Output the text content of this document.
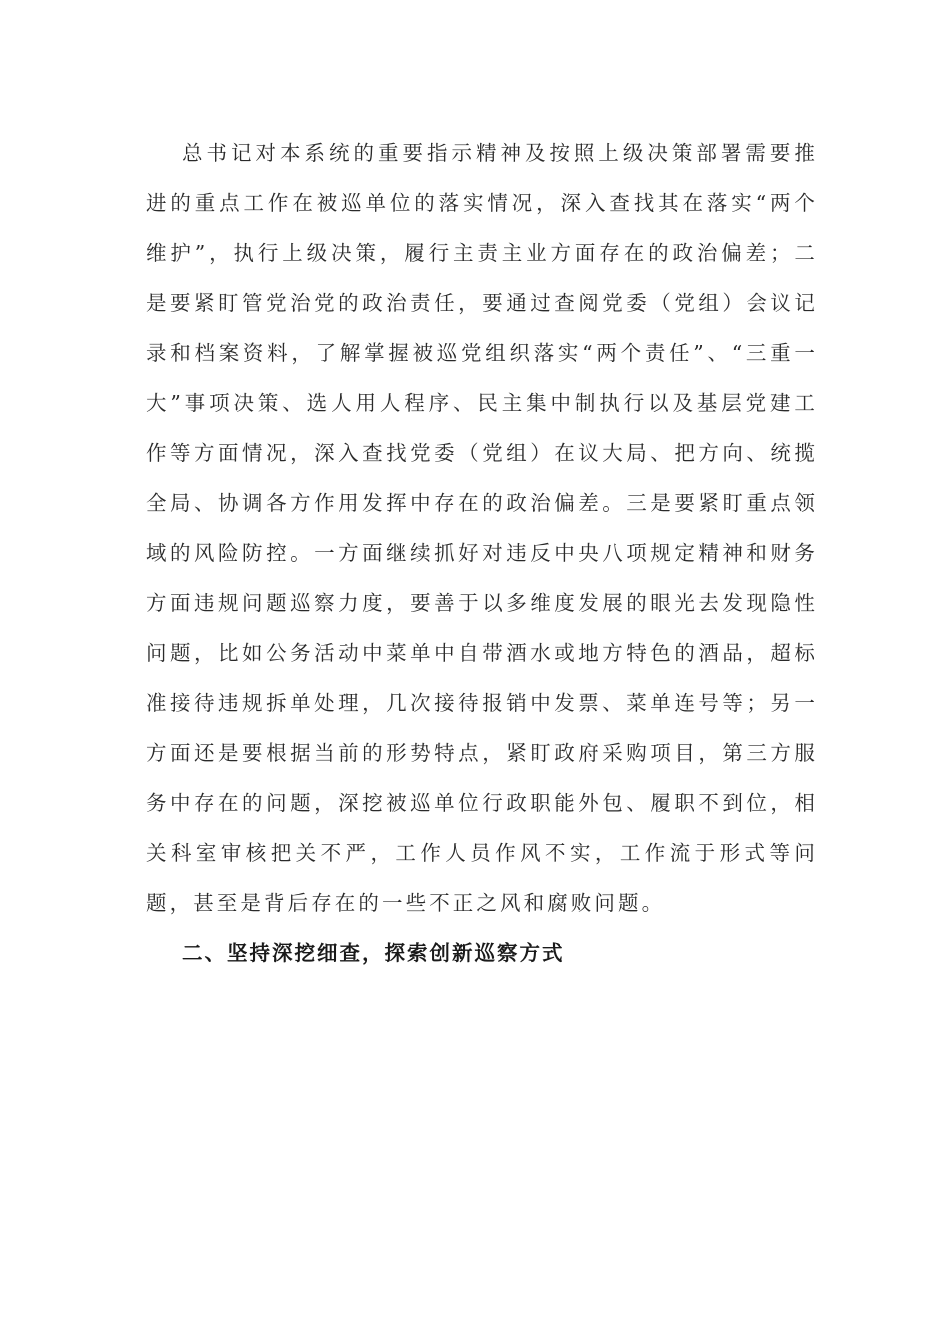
总书记对本系统的重要指示精神及按照上级决策部署需要推进的重点工作在被巡单位的落实情况，深入查找其在落实“两个维护”，执行上级决策，履行主责主业方面存在的政治偏差；二是要紧盯管党治党的政治责任，要通过查阅党委（党组）会议记录和档案资料，了解掌握被巡党组织落实“两个责任”、“三重一大”事项决策、选人用人程序、民主集中制执行以及基层党建工作等方面情况，深入查找党委（党组）在议大局、把方向、统揽全局、协调各方作用发挥中存在的政治偏差。三是要紧盯重点领域的风险防控。一方面继续抓好对违反中央八项规定精神和财务方面违规问题巡察力度，要善于以多维度发展的眼光去发现隐性问题，比如公务活动中菜单中自带酒水或地方特色的酒品，超标准接待违规拆单处理，几次接待报销中发票、菜单连号等；另一方面还是要根据当前的形势特点，紧盯政府采购项目，第三方服务中存在的问题，深挖被巡单位行政职能外包、履职不到位，相关科室审核把关不严，工作人员作风不实，工作流于形式等问题，甚至是背后存在的一些不正之风和腐败问题。

二、坚持深挖细查，探索创新巡察方式
